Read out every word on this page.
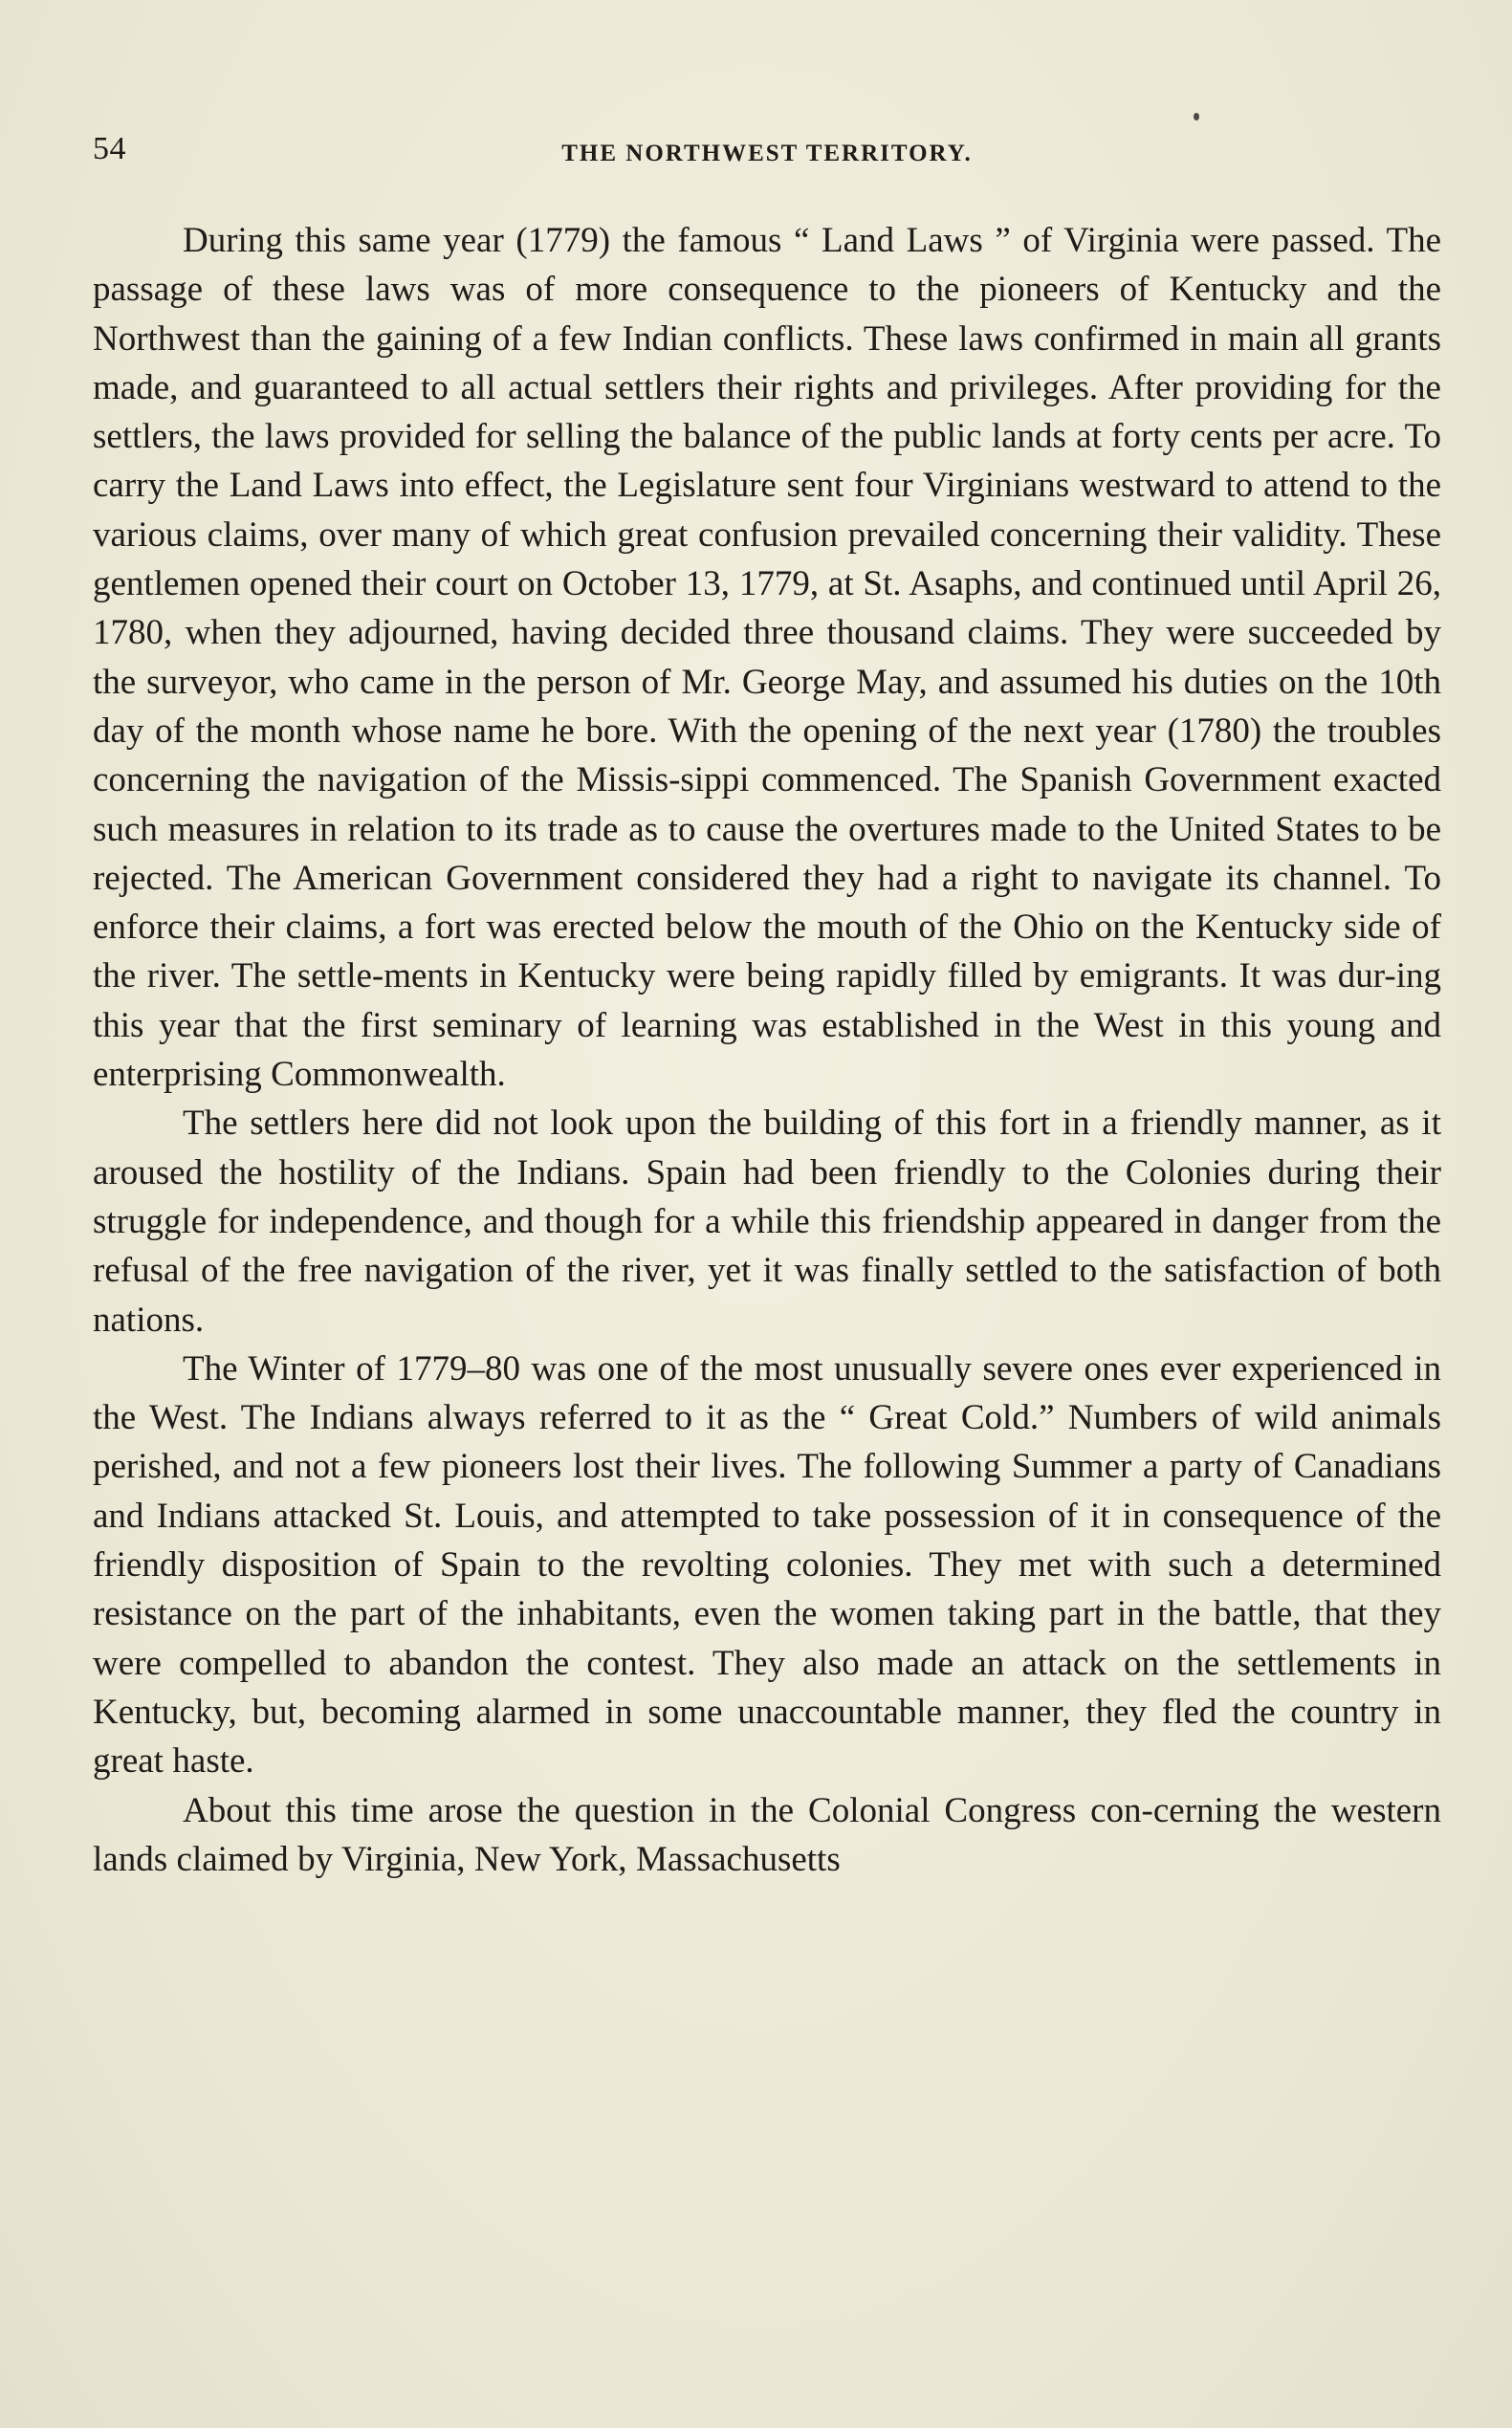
54	THE NORTHWEST TERRITORY.

During this same year (1779) the famous “ Land Laws ” of Virginia were passed. The passage of these laws was of more consequence to the pioneers of Kentucky and the Northwest than the gaining of a few Indian conflicts. These laws confirmed in main all grants made, and guaranteed to all actual settlers their rights and privileges. After providing for the settlers, the laws provided for selling the balance of the public lands at forty cents per acre. To carry the Land Laws into effect, the Legislature sent four Virginians westward to attend to the various claims, over many of which great confusion prevailed concerning their validity. These gentlemen opened their court on October 13, 1779, at St. Asaphs, and continued until April 26, 1780, when they adjourned, having decided three thousand claims. They were succeeded by the surveyor, who came in the person of Mr. George May, and assumed his duties on the 10th day of the month whose name he bore. With the opening of the next year (1780) the troubles concerning the navigation of the Missis-sippi commenced. The Spanish Government exacted such measures in relation to its trade as to cause the overtures made to the United States to be rejected. The American Government considered they had a right to navigate its channel. To enforce their claims, a fort was erected below the mouth of the Ohio on the Kentucky side of the river. The settle-ments in Kentucky were being rapidly filled by emigrants. It was dur-ing this year that the first seminary of learning was established in the West in this young and enterprising Commonwealth.

The settlers here did not look upon the building of this fort in a friendly manner, as it aroused the hostility of the Indians. Spain had been friendly to the Colonies during their struggle for independence, and though for a while this friendship appeared in danger from the refusal of the free navigation of the river, yet it was finally settled to the satisfaction of both nations.

The Winter of 1779–80 was one of the most unusually severe ones ever experienced in the West. The Indians always referred to it as the “ Great Cold.” Numbers of wild animals perished, and not a few pioneers lost their lives. The following Summer a party of Canadians and Indians attacked St. Louis, and attempted to take possession of it in consequence of the friendly disposition of Spain to the revolting colonies. They met with such a determined resistance on the part of the inhabitants, even the women taking part in the battle, that they were compelled to abandon the contest. They also made an attack on the settlements in Kentucky, but, becoming alarmed in some unaccountable manner, they fled the country in great haste.

About this time arose the question in the Colonial Congress con-cerning the western lands claimed by Virginia, New York, Massachusetts
